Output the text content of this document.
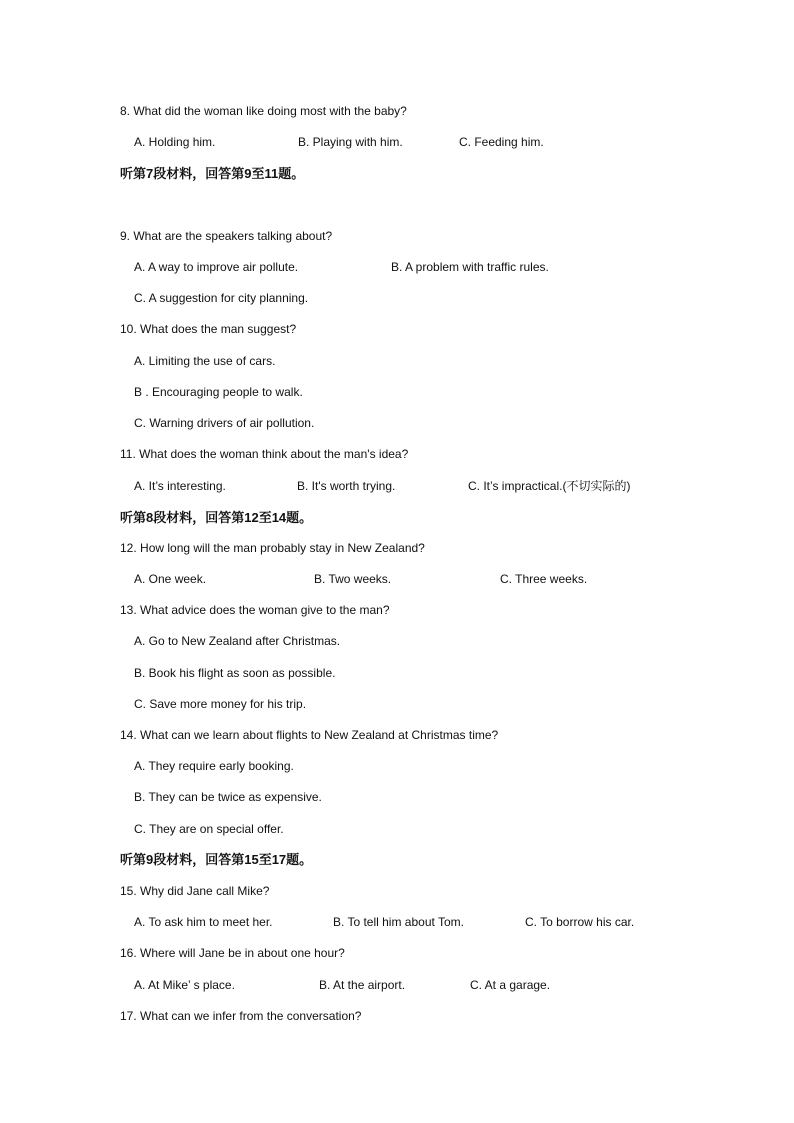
8. What did the woman like doing most with the baby?
A. Holding him.	B. Playing with him.	C. Feeding him.
听第7段材料，回答第9至11题。
9. What are the speakers talking about?
A. A way to improve air pollute.	B. A problem with traffic rules.
C. A suggestion for city planning.
10. What does the man suggest?
A. Limiting the use of cars.
B . Encouraging people to walk.
C. Warning drivers of air pollution.
11. What does the woman think about the man's idea?
A. It’s interesting.	B. It's worth trying.	C. It’s impractical.(不切实际的)
听第8段材料，回答第12至14题。
12. How long will the man probably stay in New Zealand?
A. One week.	B. Two weeks.	C. Three weeks.
13. What advice does the woman give to the man?
A. Go to New Zealand after Christmas.
B. Book his flight as soon as possible.
C. Save more money for his trip.
14. What can we learn about flights to New Zealand at Christmas time?
A. They require early booking.
B. They can be twice as expensive.
C. They are on special offer.
听第9段材料，回答第15至17题。
15. Why did Jane call Mike?
A. To ask him to meet her.	B. To tell him about Tom.	C. To borrow his car.
16. Where will Jane be in about one hour?
A. At Mike’ s place.	B. At the airport.	C. At a garage.
17. What can we infer from the conversation?
